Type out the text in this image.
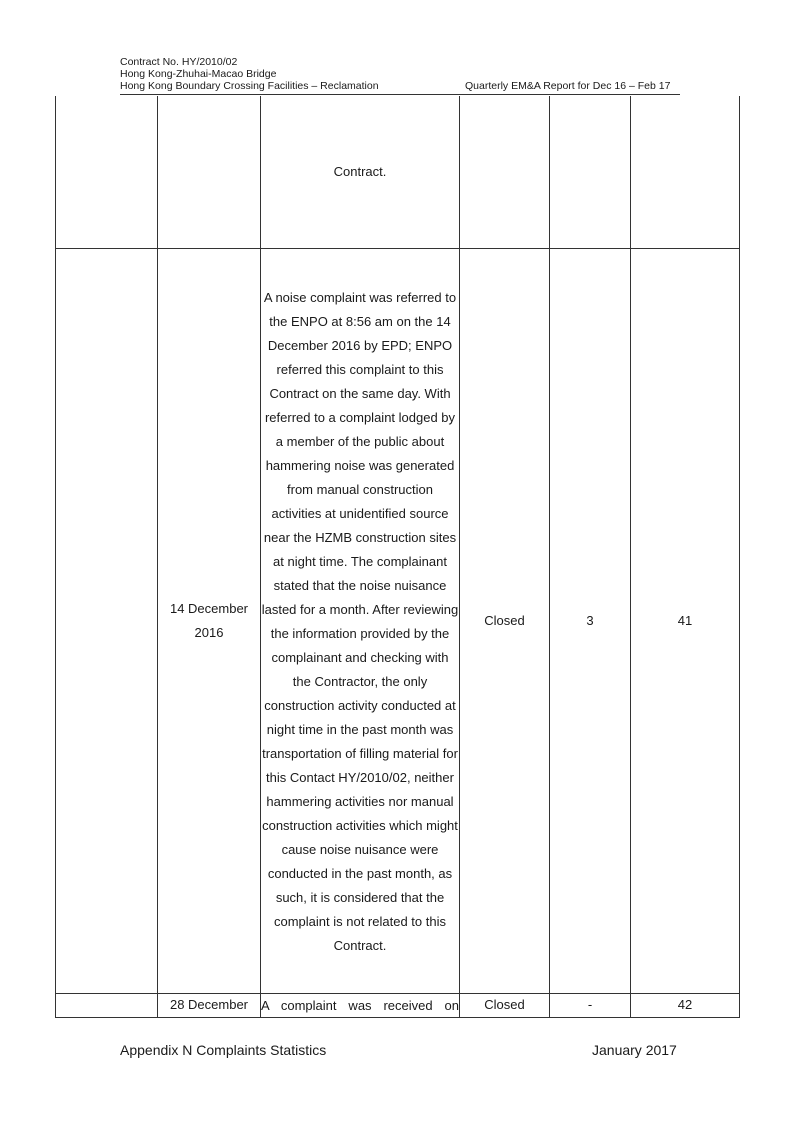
Contract No. HY/2010/02
Hong Kong-Zhuhai-Macao Bridge
Hong Kong Boundary Crossing Facilities – Reclamation	Quarterly EM&A Report for Dec 16 – Feb 17
		Contract.			

	14 December 2016	A noise complaint was referred to the ENPO at 8:56 am on the 14 December 2016 by EPD; ENPO referred this complaint to this Contract on the same day. With referred to a complaint lodged by a member of the public about hammering noise was generated from manual construction activities at unidentified source near the HZMB construction sites at night time. The complainant stated that the noise nuisance lasted for a month. After reviewing the information provided by the complainant and checking with the Contractor, the only construction activity conducted at night time in the past month was transportation of filling material for this Contact HY/2010/02, neither hammering activities nor manual construction activities which might cause noise nuisance were conducted in the past month, as such, it is considered that the complaint is not related to this Contract.	Closed	3	41
	28 December	A complaint was received on	Closed	-	42
Appendix N Complaints Statistics	January 2017
